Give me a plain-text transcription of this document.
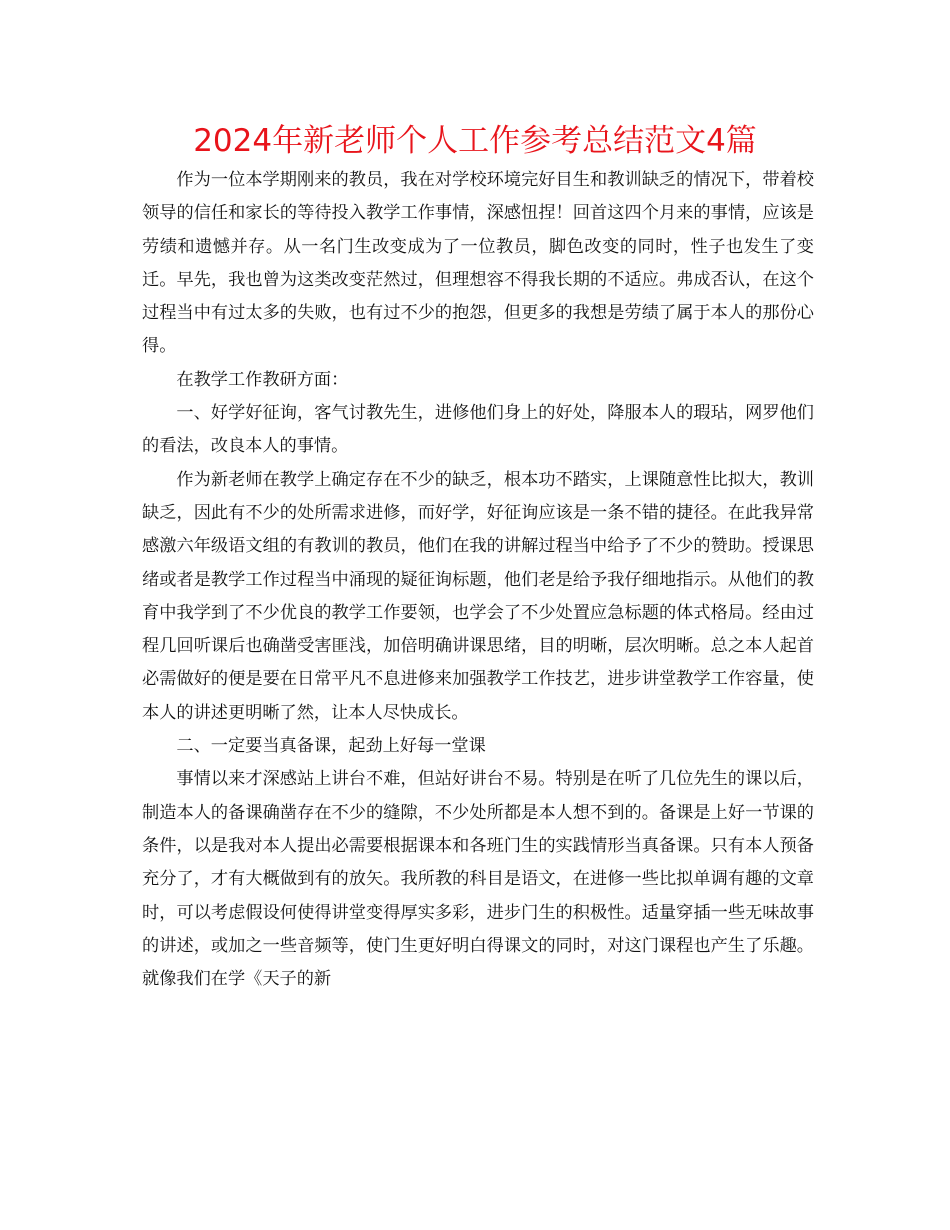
2024年新老师个人工作参考总结范文4篇

作为一位本学期刚来的教员，我在对学校环境完好目生和教训缺乏的情况下，带着校领导的信任和家长的等待投入教学工作事情，深感忸捏！回首这四个月来的事情，应该是劳绩和遗憾并存。从一名门生改变成为了一位教员，脚色改变的同时，性子也发生了变迁。早先，我也曾为这类改变茫然过，但理想容不得我长期的不适应。弗成否认，在这个过程当中有过太多的失败，也有过不少的抱怨，但更多的我想是劳绩了属于本人的那份心得。

在教学工作教研方面：

一、好学好征询，客气讨教先生，进修他们身上的好处，降服本人的瑕玷，网罗他们的看法，改良本人的事情。

作为新老师在教学上确定存在不少的缺乏，根本功不踏实，上课随意性比拟大，教训缺乏，因此有不少的处所需求进修，而好学，好征询应该是一条不错的捷径。在此我异常感激六年级语文组的有教训的教员，他们在我的讲解过程当中给予了不少的赞助。授课思绪或者是教学工作过程当中涌现的疑征询标题，他们老是给予我仔细地指示。从他们的教育中我学到了不少优良的教学工作要领，也学会了不少处置应急标题的体式格局。经由过程几回听课后也确凿受害匪浅，加倍明确讲课思绪，目的明晰，层次明晰。总之本人起首必需做好的便是要在日常平凡不息进修来加强教学工作技艺，进步讲堂教学工作容量，使本人的讲述更明晰了然，让本人尽快成长。

二、一定要当真备课，起劲上好每一堂课

事情以来才深感站上讲台不难，但站好讲台不易。特别是在听了几位先生的课以后，制造本人的备课确凿存在不少的缝隙，不少处所都是本人想不到的。备课是上好一节课的条件，以是我对本人提出必需要根据课本和各班门生的实践情形当真备课。只有本人预备充分了，才有大概做到有的放矢。我所教的科目是语文，在进修一些比拟单调有趣的文章时，可以考虑假设何使得讲堂变得厚实多彩，进步门生的积极性。适量穿插一些无味故事的讲述，或加之一些音频等，使门生更好明白得课文的同时，对这门课程也产生了乐趣。就像我们在学《天子的新
